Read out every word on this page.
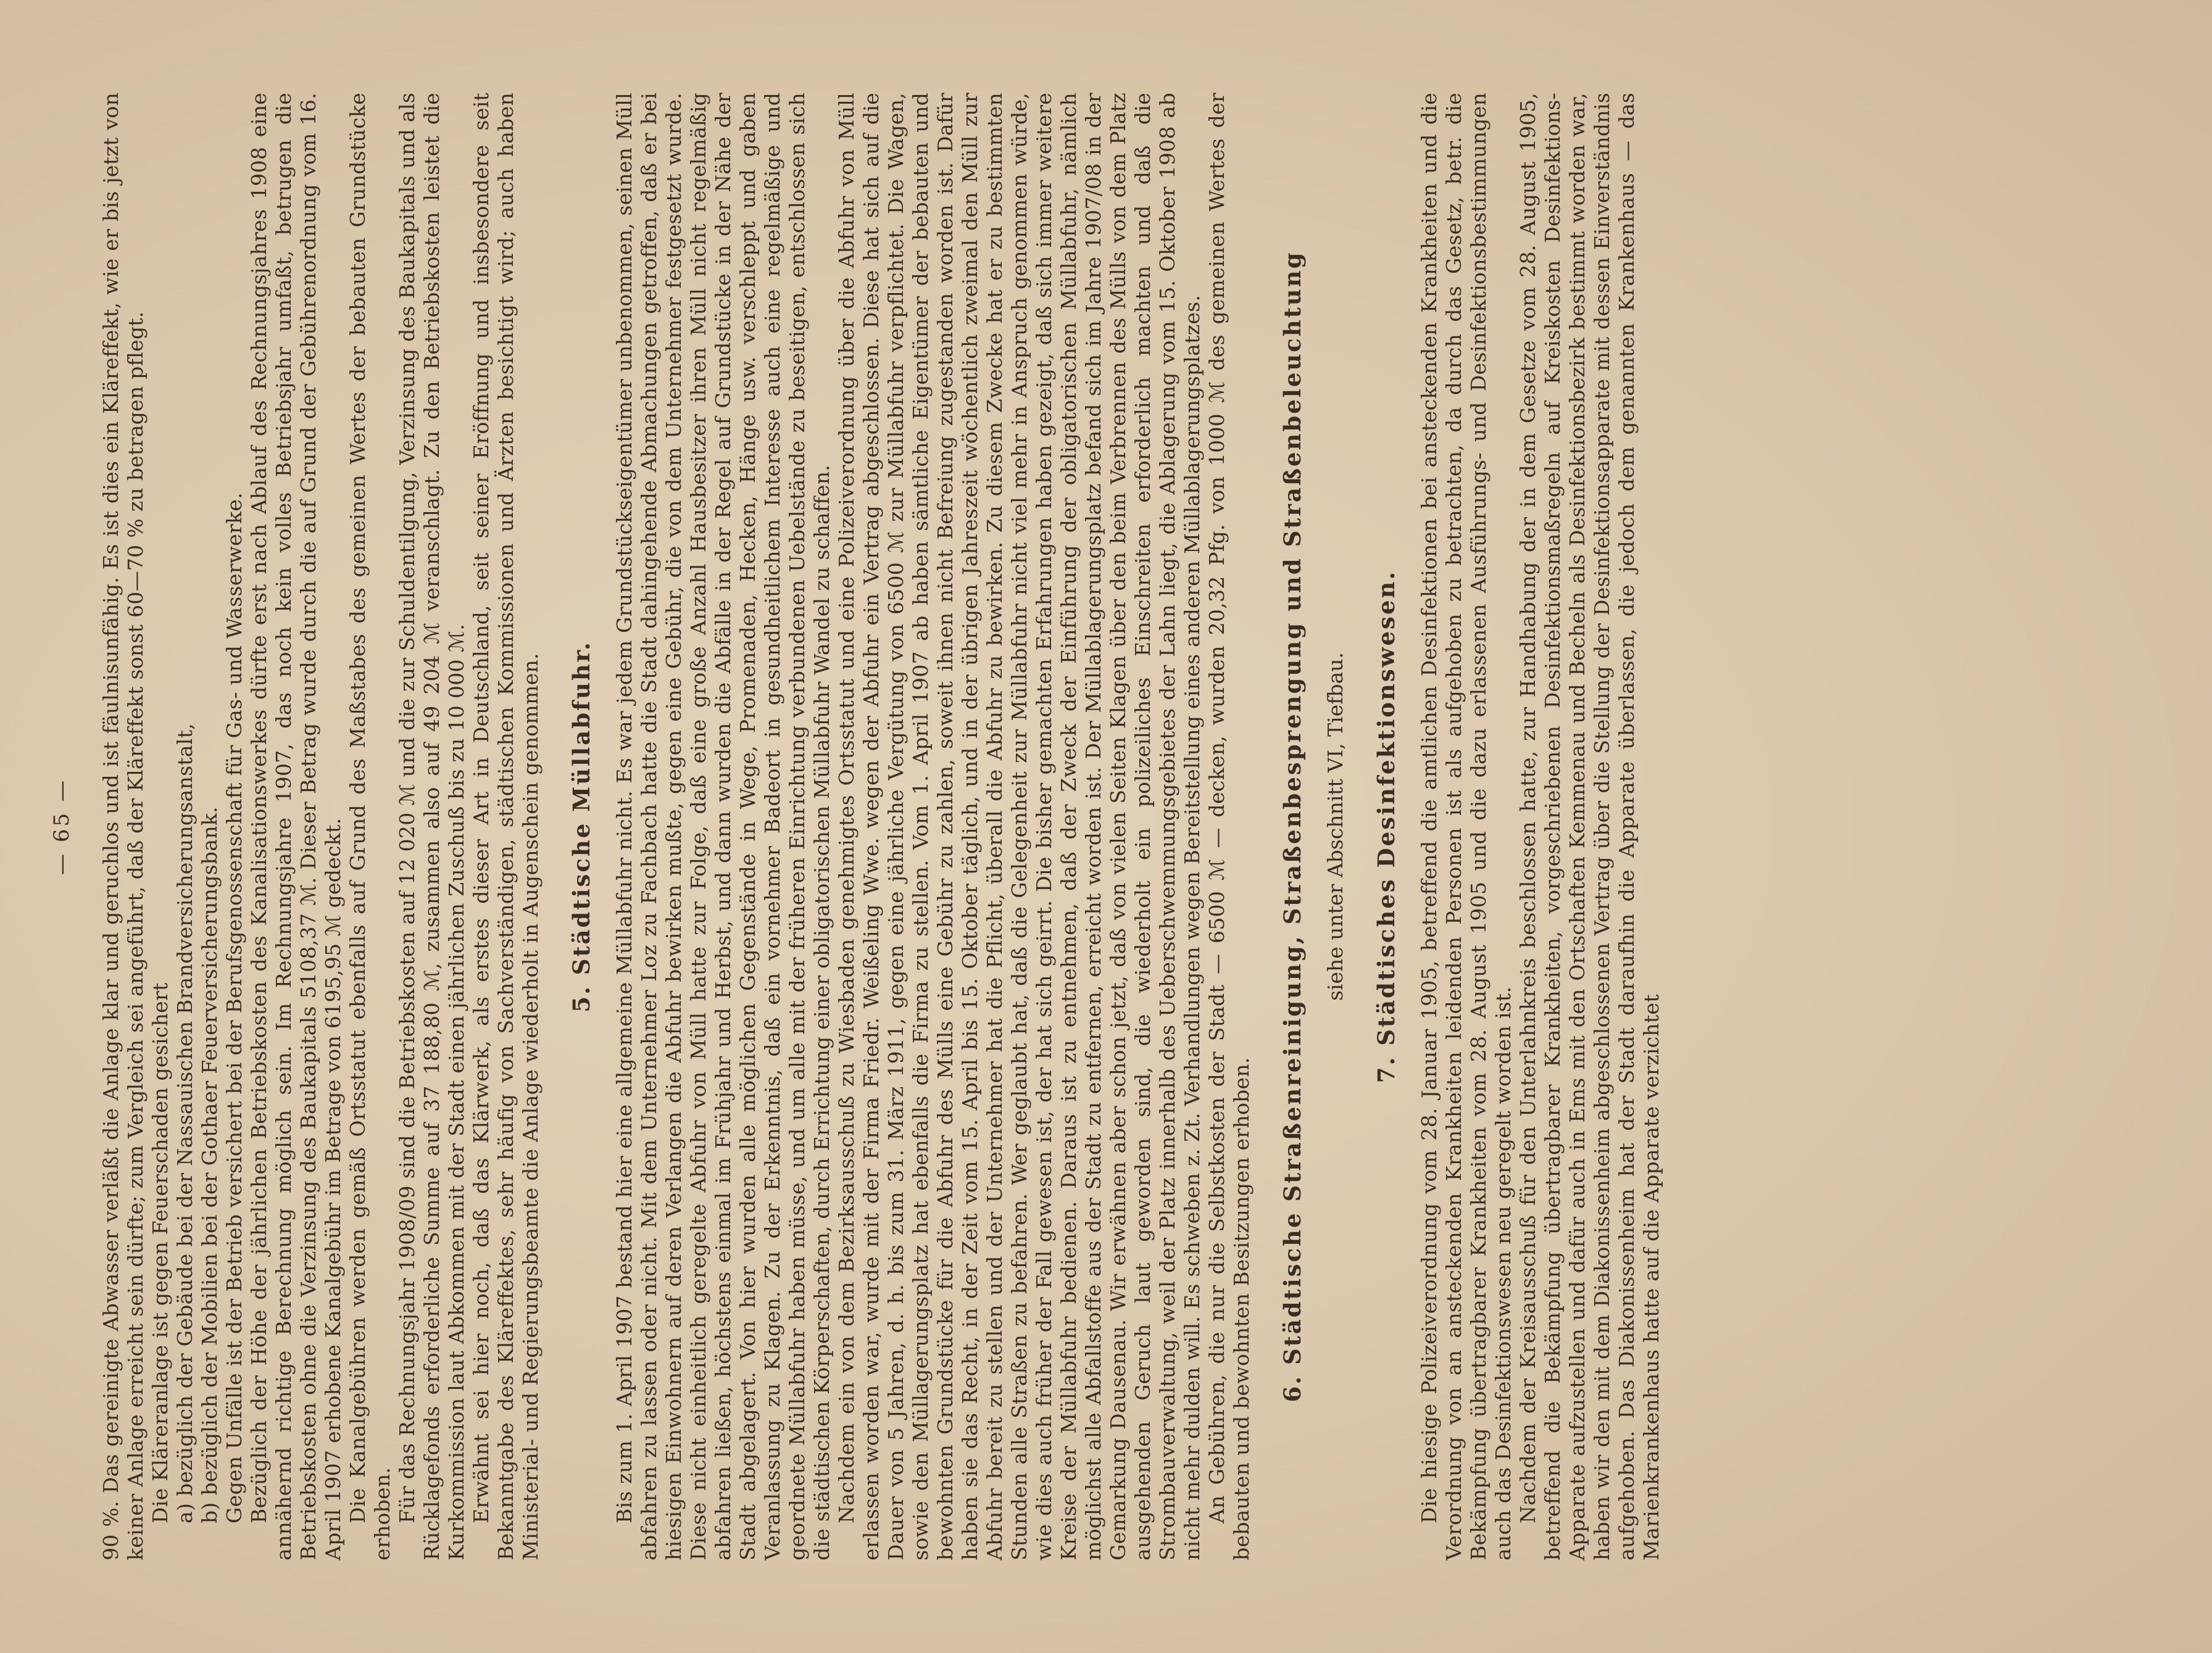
— 65 — 90 %. Das gereinigte Abwasser verläßt die Anlage klar und geruchlos und ist fäulnisunfähig. Es ist dies ein Kläreffekt, wie er bis jetzt von keiner Anlage erreicht sein dürfte; zum Vergleich sei angeführt, daß der Kläreffekt sonst 60—70 % zu betragen pflegt. Die Kläreranlage ist gegen Feuerschaden gesichert a) bezüglich der Gebäude bei der Nassauischen Brandversicherungsanstalt, b) bezüglich der Mobilien bei der Gothaer Feuerversicherungsbank. Gegen Unfälle ist der Betrieb versichert bei der Berufsgenossenschaft für Gas- und Wasserwerke. Bezüglich der Höhe der jährlichen Betriebskosten des Kanalisationswerkes dürfte erst nach Ablauf des Rechnungsjahres 1908 eine annähernd richtige Berechnung möglich sein. Im Rechnungsjahre 1907, das noch kein volles Betriebsjahr umfaßt, betrugen die Betriebskosten ohne die Verzinsung des Baukapitals 5108,37 ℳ. Dieser Betrag wurde durch die auf Grund der Gebührenordnung vom 16. April 1907 erhobene Kanalgebühr im Betrage von 6195,95 ℳ gedeckt. Die Kanalgebühren werden gemäß Ortsstatut ebenfalls auf Grund des Maßstabes des gemeinen Wertes der bebauten Grundstücke erhoben. Für das Rechnungsjahr 1908/09 sind die Betriebskosten auf 12 020 ℳ und die zur Schuldentilgung, Verzinsung des Baukapitals und als Rücklagefonds erforderliche Summe auf 37 188,80 ℳ, zusammen also auf 49 204 ℳ veranschlagt. Zu den Betriebskosten leistet die Kurkommission laut Abkommen mit der Stadt einen jährlichen Zuschuß bis zu 10 000 ℳ. Erwähnt sei hier noch, daß das Klärwerk, als erstes dieser Art in Deutschland, seit seiner Eröffnung und insbesondere seit Bekanntgabe des Kläreffektes, sehr häufig von Sachverständigen, städtischen Kommissionen und Ärzten besichtigt wird; auch haben Ministerial- und Regierungsbeamte die Anlage wiederholt in Augenschein genommen. 5. Städtische Müllabfuhr. Bis zum 1. April 1907 bestand hier eine allgemeine Müllabfuhr nicht. Es war jedem Grundstückseigentümer unbenommen, seinen Müll abfahren zu lassen oder nicht. Mit dem Unternehmer Loz zu Fachbach hatte die Stadt dahingehende Abmachungen getroffen, daß er bei hiesigen Einwohnern auf deren Verlangen die Abfuhr bewirken mußte, gegen eine Gebühr, die von dem Unternehmer festgesetzt wurde. Diese nicht einheitlich geregelte Abfuhr von Müll hatte zur Folge, daß eine große Anzahl Hausbesitzer ihren Müll nicht regelmäßig abfahren ließen, höchstens einmal im Frühjahr und Herbst, und dann wurden die Abfälle in der Regel auf Grundstücke in der Nähe der Stadt abgelagert. Von hier wurden alle möglichen Gegenstände in Wege, Promenaden, Hecken, Hänge usw. verschleppt und gaben Veranlassung zu Klagen. Zu der Erkenntnis, daß ein vornehmer Badeort in gesundheitlichem Interesse auch eine regelmäßige und geordnete Müllabfuhr haben müsse, und um alle mit der früheren Einrichtung verbundenen Uebelstände zu beseitigen, entschlossen sich die städtischen Körperschaften, durch Errichtung einer obligatorischen Müllabfuhr Wandel zu schaffen. Nachdem ein von dem Bezirksausschuß zu Wiesbaden genehmigtes Ortsstatut und eine Polizeiverordnung über die Abfuhr von Müll erlassen worden war, wurde mit der Firma Friedr. Weißeling Wwe. wegen der Abfuhr ein Vertrag abgeschlossen. Diese hat sich auf die Dauer von 5 Jahren, d. h. bis zum 31. März 1911, gegen eine jährliche Vergütung von 6500 ℳ zur Müllabfuhr verpflichtet. Die Wagen, sowie den Müllagerungsplatz hat ebenfalls die Firma zu stellen. Vom 1. April 1907 ab haben sämtliche Eigentümer der bebauten und bewohnten Grundstücke für die Abfuhr des Mülls eine Gebühr zu zahlen, soweit ihnen nicht Befreiung zugestanden worden ist. Dafür haben sie das Recht, in der Zeit vom 15. April bis 15. Oktober täglich, und in der übrigen Jahreszeit wöchentlich zweimal den Müll zur Abfuhr bereit zu stellen und der Unternehmer hat die Pflicht, überall die Abfuhr zu bewirken. Zu diesem Zwecke hat er zu bestimmten Stunden alle Straßen zu befahren. Wer geglaubt hat, daß die Gelegenheit zur Müllabfuhr nicht viel mehr in Anspruch genommen würde, wie dies auch früher der Fall gewesen ist, der hat sich geirrt. Die bisher gemachten Erfahrungen haben gezeigt, daß sich immer weitere Kreise der Müllabfuhr bedienen. Daraus ist zu entnehmen, daß der Zweck der Einführung der obligatorischen Müllabfuhr, nämlich möglichst alle Abfallstoffe aus der Stadt zu entfernen, erreicht worden ist. Der Müllablagerungsplatz befand sich im Jahre 1907/08 in der Gemarkung Dausenau. Wir erwähnen aber schon jetzt, daß von vielen Seiten Klagen über den beim Verbrennen des Mülls von dem Platz ausgehenden Geruch laut geworden sind, die wiederholt ein polizeiliches Einschreiten erforderlich machten und daß die Strombauverwaltung, weil der Platz innerhalb des Ueberschwemmungsgebietes der Lahn liegt, die Ablagerung vom 15. Oktober 1908 ab nicht mehr dulden will. Es schweben z. Zt. Verhandlungen wegen Bereitstellung eines anderen Müllablagerungsplatzes. An Gebühren, die nur die Selbstkosten der Stadt — 6500 ℳ — decken, wurden 20,32 Pfg. von 1000 ℳ des gemeinen Wertes der bebauten und bewohnten Besitzungen erhoben. 6. Städtische Straßenreinigung, Straßenbesprengung und Straßenbeleuchtung siehe unter Abschnitt VI, Tiefbau. 7. Städtisches Desinfektionswesen. Die hiesige Polizeiverordnung vom 28. Januar 1905, betreffend die amtlichen Desinfektionen bei ansteckenden Krankheiten und die Verordnung von an ansteckenden Krankheiten leidenden Personen ist als aufgehoben zu betrachten, da durch das Gesetz, betr. die Bekämpfung übertragbarer Krankheiten vom 28. August 1905 und die dazu erlassenen Ausführungs- und Desinfektionsbestimmungen auch das Desinfektionswesen neu geregelt worden ist. Nachdem der Kreisausschuß für den Unterlahnkreis beschlossen hatte, zur Handhabung der in dem Gesetze vom 28. August 1905, betreffend die Bekämpfung übertragbarer Krankheiten, vorgeschriebenen Desinfektionsmaßregeln auf Kreiskosten Desinfektions-Apparate aufzustellen und dafür auch in Ems mit den Ortschaften Kemmenau und Becheln als Desinfektionsbezirk bestimmt worden war, haben wir den mit dem Diakonissenheim abgeschlossenen Vertrag über die Stellung der Desinfektionsapparate mit dessen Einverständnis aufgehoben. Das Diakonissenheim hat der Stadt daraufhin die Apparate überlassen, die jedoch dem genannten Krankenhaus — das Marienkrankenhaus hatte auf die Apparate verzichtet
